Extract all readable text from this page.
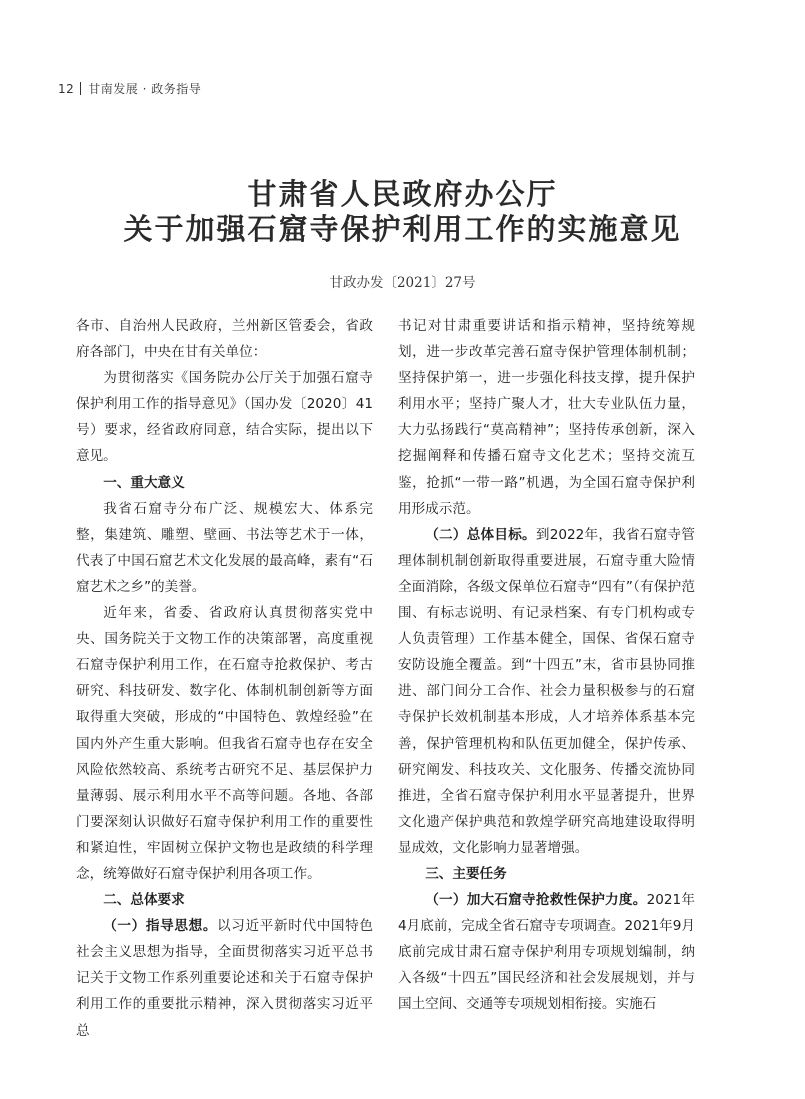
12 甘南发展 · 政务指导
甘肃省人民政府办公厅
关于加强石窟寺保护利用工作的实施意见
甘政办发〔2021〕27号

各市、自治州人民政府，兰州新区管委会，省政府各部门，中央在甘有关单位：

为贯彻落实《国务院办公厅关于加强石窟寺保护利用工作的指导意见》（国办发〔2020〕41号）要求，经省政府同意，结合实际，提出以下意见。

一、重大意义

我省石窟寺分布广泛、规模宏大、体系完整，集建筑、雕塑、壁画、书法等艺术于一体，代表了中国石窟艺术文化发展的最高峰，素有“石窟艺术之乡”的美誉。

近年来，省委、省政府认真贯彻落实党中央、国务院关于文物工作的决策部署，高度重视石窟寺保护利用工作，在石窟寺抢救保护、考古研究、科技研发、数字化、体制机制创新等方面取得重大突破，形成的“中国特色、敦煌经验”在国内外产生重大影响。但我省石窟寺也存在安全风险依然较高、系统考古研究不足、基层保护力量薄弱、展示利用水平不高等问题。各地、各部门要深刻认识做好石窟寺保护利用工作的重要性和紧迫性，牢固树立保护文物也是政绩的科学理念，统筹做好石窟寺保护利用各项工作。

二、总体要求

（一）指导思想。以习近平新时代中国特色社会主义思想为指导，全面贯彻落实习近平总书记关于文物工作系列重要论述和关于石窟寺保护利用工作的重要批示精神，深入贯彻落实习近平总

书记对甘肃重要讲话和指示精神，坚持统筹规划，进一步改革完善石窟寺保护管理体制机制；坚持保护第一，进一步强化科技支撑，提升保护利用水平；坚持广聚人才，壮大专业队伍力量，大力弘扬践行“莫高精神”；坚持传承创新，深入挖掘阐释和传播石窟寺文化艺术；坚持交流互鉴，抢抓“一带一路”机遇，为全国石窟寺保护利用形成示范。

（二）总体目标。到2022年，我省石窟寺管理体制机制创新取得重要进展，石窟寺重大险情全面消除，各级文保单位石窟寺“四有”（有保护范围、有标志说明、有记录档案、有专门机构或专人负责管理）工作基本健全，国保、省保石窟寺安防设施全覆盖。到“十四五”末，省市县协同推进、部门间分工合作、社会力量积极参与的石窟寺保护长效机制基本形成，人才培养体系基本完善，保护管理机构和队伍更加健全，保护传承、研究阐发、科技攻关、文化服务、传播交流协同推进，全省石窟寺保护利用水平显著提升，世界文化遗产保护典范和敦煌学研究高地建设取得明显成效，文化影响力显著增强。

三、主要任务

（一）加大石窟寺抢救性保护力度。2021年4月底前，完成全省石窟寺专项调查。2021年9月底前完成甘肃石窟寺保护利用专项规划编制，纳入各级“十四五”国民经济和社会发展规划，并与国土空间、交通等专项规划相衔接。实施石
